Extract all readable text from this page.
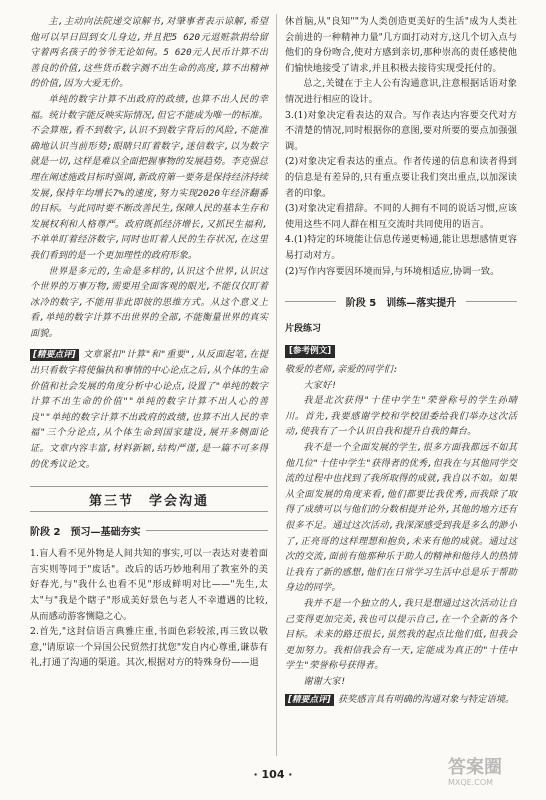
主,主动向法院递交谅解书,对肇事者表示谅解,希望他可以早日回到女儿身边,并且把5 620元退赃款捐给留守着两名孩子的爷爷无论如何。5 620元人民币计算不出善良的价值,这些货币数字测不出生命的高度,算不出精神的价值,因为大爱无价。

单纯的数字计算不出政府的政绩,也算不出人民的幸福。统计数字能反映实际情况,但它不能成为唯一的标准。不会算账,看不到数字,认识不到数字背后的风险,不能准确地认识当前形势;眼睛只盯着数字,迷信数字,以为数字就是一切,这样是难以全面把握事物的发展趋势。李克强总理在阐述施政目标时强调,新政府第一要务是保持经济持续发展,保持年均增长7%的速度,努力实现2020年经济翻番的目标。与此同时要不断改善民生,保障人民的基本生存和发展权利和人格尊严。政府既抓经济增长,又抓民生福利,不单单盯着经济数字,同时也盯着人民的生存状况,在这里我们看到的是一个更加理性的政府形象。

世界是多元的,生命是多样的,认识这个世界,认识这个世界的万事万物,需要用全面客观的眼光,不能仅仅盯着冰冷的数字,不能用非此即彼的思维方式。从这个意义上看,单纯的数字计算不出世界的全部,不能衡量世界的真实面貌。

[精要点评] 文章紧扣"计算"和"重要",从反面起笔,在提出只看数字将使偏执和事情的中心论点之后,从个体的生命价值和社会发展的角度分析中心论点,设置了"单纯的数字计算不出生命的价值""单纯的数字计算不出人心的善良""单纯的数字计算不出政府的政绩,也算不出人民的幸福"三个分论点,从个体生命到国家建设,展开多侧面论证。文章内容丰富,材料新颖,结构严谨,是一篇不可多得的优秀议论文。

第三节　学会沟通
阶段 2　预习—基础夯实

1.盲人看不见外物是人间共知的事实,可以一表达对妻着面言实则等同于"废话"。改后的话巧妙地利用了教室外的美好春光,与"我什么也看不见"形成鲜明对比——"先生,太太"与"我是个瞎子"形成美好景色与老人不幸遭遇的比较,从而感动游客恻隐之心。

2.首先,"这封信语言典雅庄重,书面色彩较浓,再三致以敬意,"请原谅一个异国公民贸然打扰您"发自内心尊重,谦恭有礼,打通了沟通的渠道。其次,根据对方的特殊身份——退

休首脑,从"良知""为人类创造更美好的生活"成为人类社会前进的一种精神力量"几方面打动对方,这几个切入点与他们的身份吻合,使对方感到亲切,那种崇高的责任感使他们愉快地接受了请求,并且积极去接待实现受托付的。

总之,关键在于主人公有沟通意识,注意根据话语对象情况进行相应的设计。

3.(1)对象决定看表达的双合。写作表达内容要交代对方不清楚的情况,同时根据你的意图,要对所要的要点加强强调。

(2)对象决定看表达的重点。作者传递的信息和读者得到的信息是有差异的,只有重点要让我们突出重点,以加深读者的印象。

(3)对象决定看措辞。不同的人拥有不同的说话习惯,应该使用这些不同人群在相互交流时共同使用的语言。

4.(1)特定的环境能让信息传递更畅通,能让思想感情更容易打动对方。

(2)写作内容要因环境而异,与环境相适应,协调一致。

阶段 5　训练—落实提升
片段练习
[参考例文]

敬爱的老师,亲爱的同学们:

大家好!

我是北次获得"十佳中学生"荣誉称号的学生孙晴川。首先,我要感谢学校和学校团委给我们举办这次活动,使我有了一个认识自我和提升自我的舞台。

我不是一个全面发展的学生,很多方面我都远不如其他几位"十佳中学生"获得者的优秀,但我在与其他同学交流的过程中也找到了我所取得的成就,我自以不如。如果从全面发展的角度来看,他们都要比我优秀,而我除了取得了成绩可以与他们的分数相提并论外,其他的地方还有很多不足。通过这次活动,我深深感受到我是多么的渺小了,正亮哥的这样理想和抱负,未来有他的成就。通过这次的交流,面前有他那种乐于助人的精神和他待人的热情让我有了新的感想,他们在日常学习生活中总是乐于帮助身边的同学。

我并不是一个独立的人,我只是想通过这次活动让自己变得更加完美,我也可以提示自己,在一个全新的各个目标。未来的路还很长,虽然我的起点比他们低,但我会更加努力。我相信我会有一天,定能成为真正的"十佳中学生"荣誉称号获得者。

谢谢大家!

[精要点评] 获奖感言具有明确的沟通对象与特定语境。

· 104 ·	答案圈
MXQE.COM
